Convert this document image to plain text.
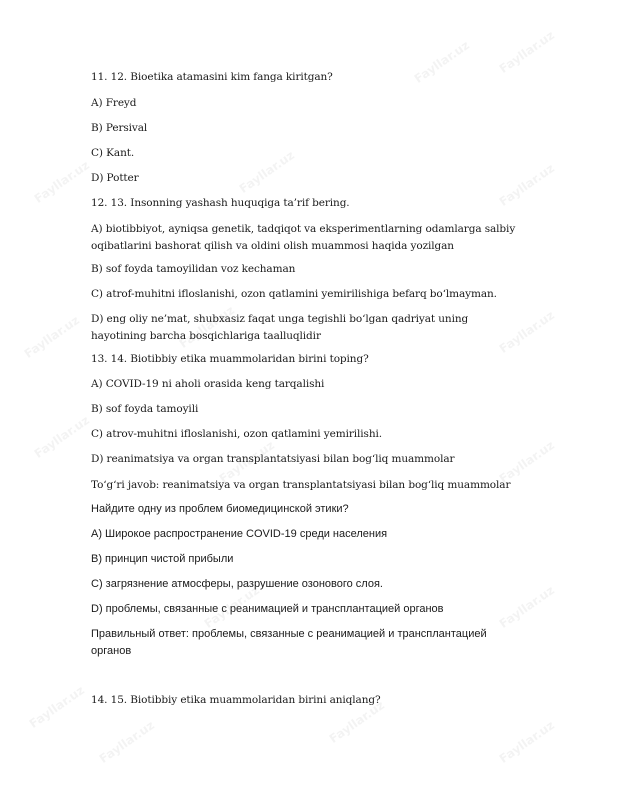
11. 12. Bioetika atamasini kim fanga kiritgan?
A) Freyd
B) Persival
C) Kant.
D) Potter
12. 13. Insonning yashash huquqiga ta’rif bering.
A) biotibbiyot, ayniqsa genetik, tadqiqot va eksperimentlarning odamlarga salbiy oqibatlarini bashorat qilish va oldini olish muammosi haqida yozilgan
B) sof foyda tamoyilidan voz kechaman
C) atrof-muhitni ifloslanishi, ozon qatlamini yemirilishiga befarq bo‘lmayman.
D) eng oliy ne’mat, shubxasiz faqat unga tegishli bo‘lgan qadriyat uning hayotining barcha bosqichlariga taalluqlidir
13. 14. Biotibbiy etika muammolaridan birini toping?
A) COVID-19 ni aholi orasida keng tarqalishi
B) sof foyda tamoyili
C) atrov-muhitni ifloslanishi, ozon qatlamini yemirilishi.
D) reanimatsiya va organ transplantatsiyasi bilan bog‘liq muammolar
To‘g‘ri javob: reanimatsiya va organ transplantatsiyasi bilan bog‘liq muammolar
Найдите одну из проблем биомедицинской этики?
A) Широкое распространение COVID-19 среди населения
B) принцип чистой прибыли
C) загрязнение атмосферы, разрушение озонового слоя.
D) проблемы, связанные с реанимацией и трансплантацией органов
Правильный ответ: проблемы, связанные с реанимацией и трансплантацией органов
14. 15. Biotibbiy etika muammolaridan birini aniqlang?
